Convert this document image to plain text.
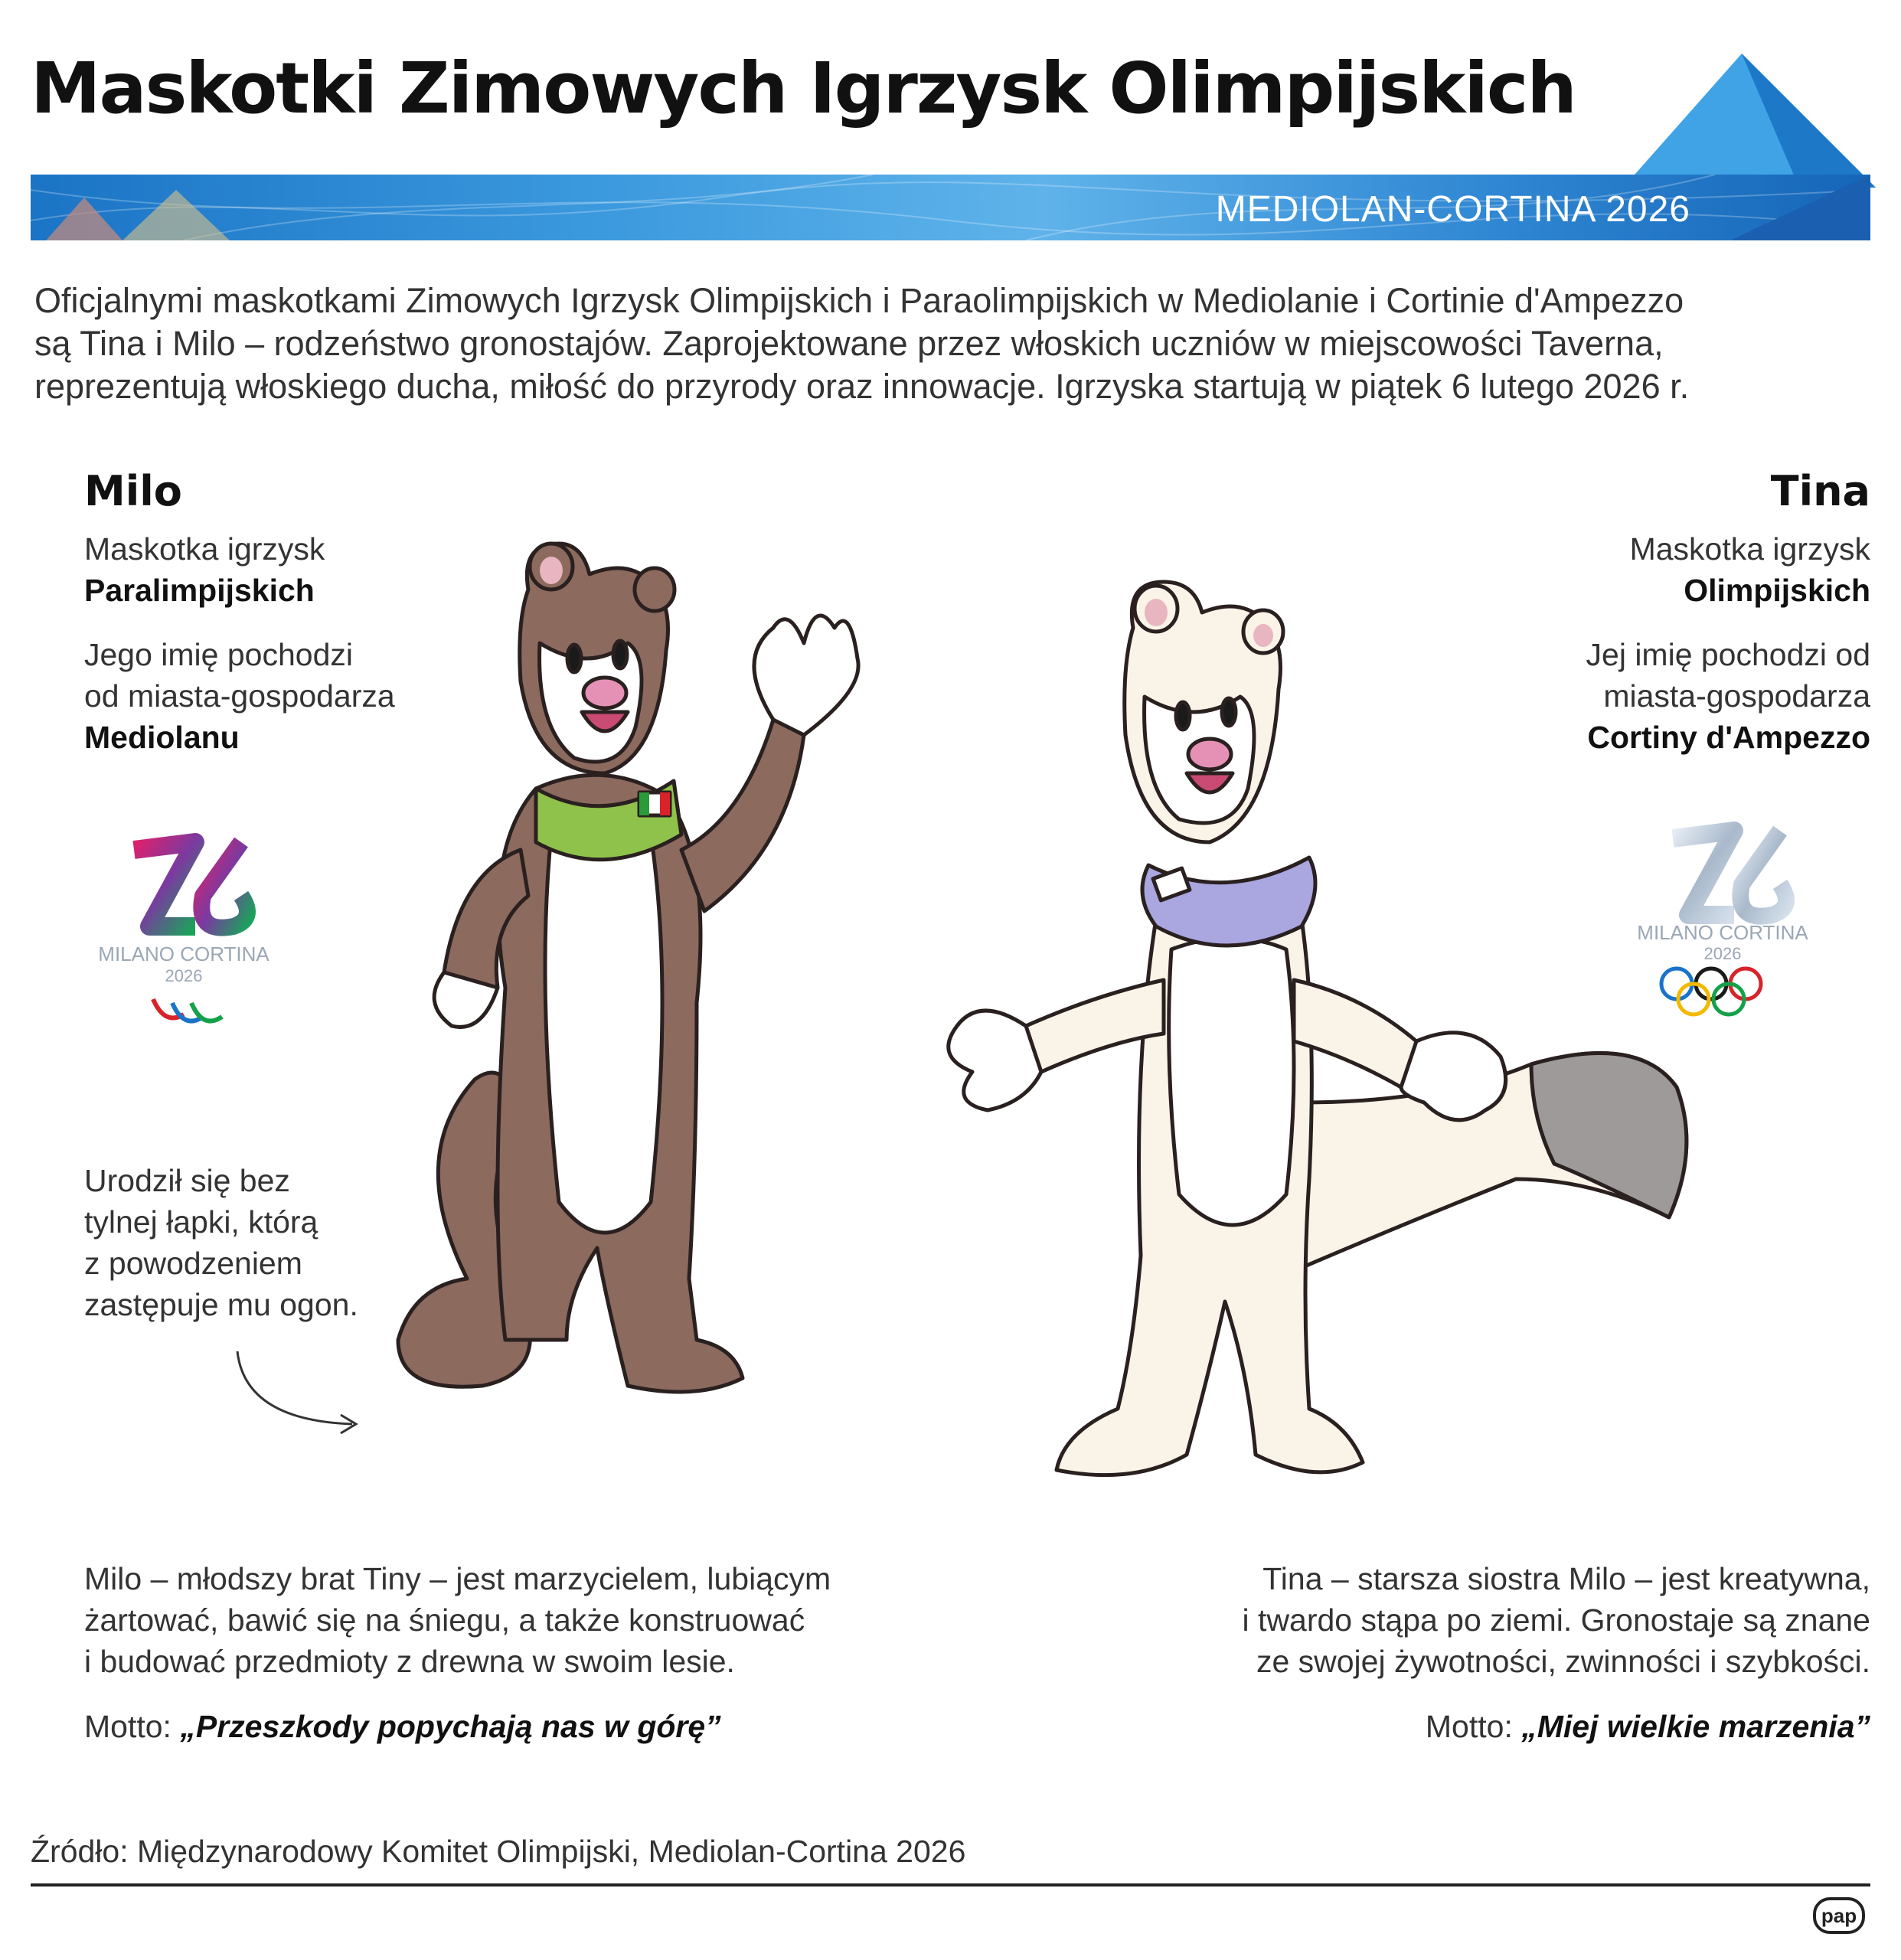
Maskotki Zimowych Igrzysk Olimpijskich
MEDIOLAN-CORTINA 2026

Oficjalnymi maskotkami Zimowych Igrzysk Olimpijskich i Paraolimpijskich w Mediolanie i Cortinie d'Ampezzo

są Tina i Milo – rodzeństwo gronostajów. Zaprojektowane przez włoskich uczniów w miejscowości Taverna,

reprezentują włoskiego ducha, miłość do przyrody oraz innowacje. Igrzyska startują w piątek 6 lutego 2026 r.

Milo
Maskotka igrzysk
Paralimpijskich
Jego imię pochodzi
od miasta-gospodarza
Mediolanu
MILANO CORTINA
2026
Urodził się bez
tylnej łapki, którą
z powodzeniem
zastępuje mu ogon.
Tina
Maskotka igrzysk
Olimpijskich
Jej imię pochodzi od
miasta-gospodarza
Cortiny d'Ampezzo
MILANO CORTINA
2026
Milo – młodszy brat Tiny – jest marzycielem, lubiącym
żartować, bawić się na śniegu, a także konstruować
i budować przedmioty z drewna w swoim lesie.
Motto: „Przeszkody popychają nas w górę”
Tina – starsza siostra Milo – jest kreatywna,
i twardo stąpa po ziemi. Gronostaje są znane
ze swojej żywotności, zwinności i szybkości.
Motto: „Miej wielkie marzenia”
Źródło: Międzynarodowy Komitet Olimpijski, Mediolan-Cortina 2026
pap
